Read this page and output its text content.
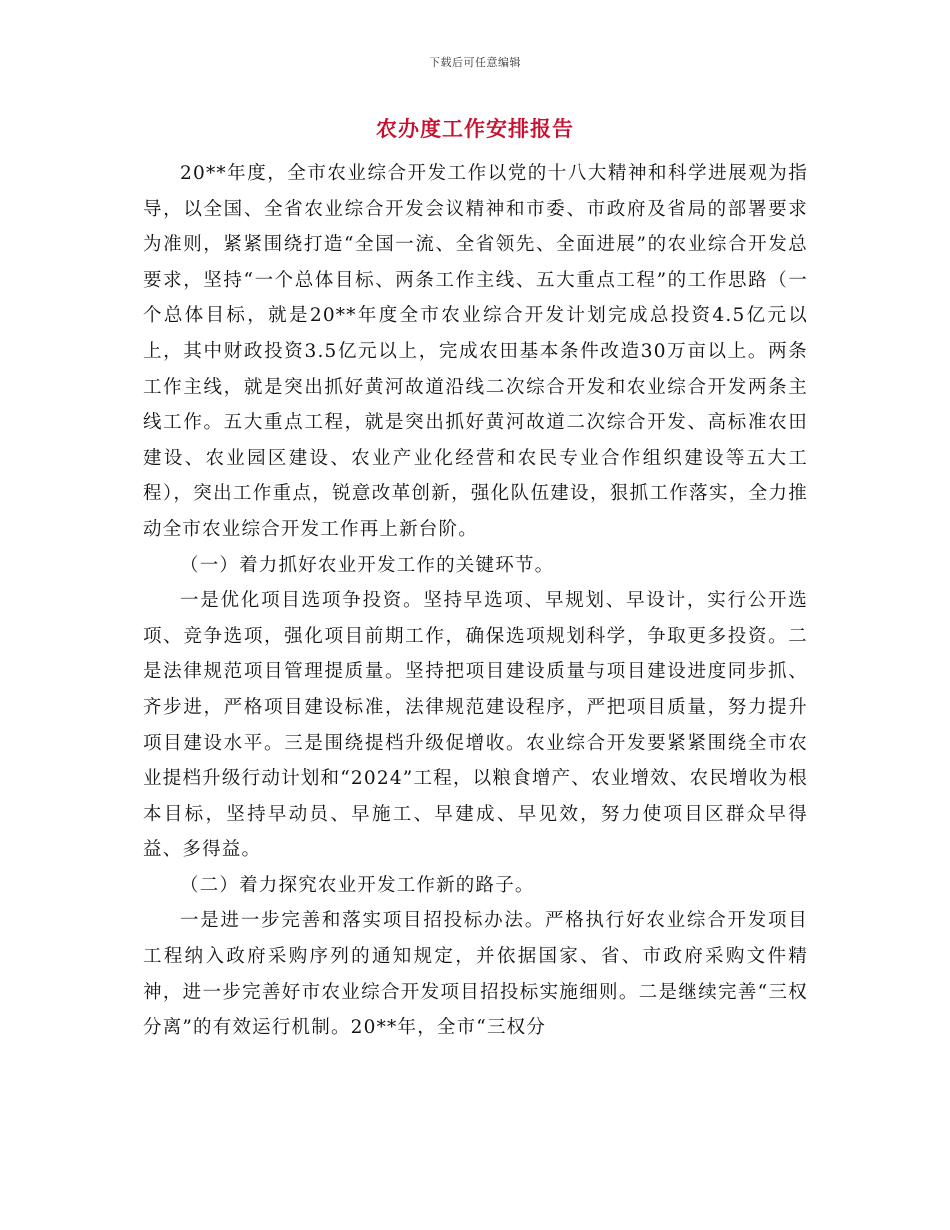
下载后可任意编辑
农办度工作安排报告

20**年度，全市农业综合开发工作以党的十八大精神和科学进展观为指导，以全国、全省农业综合开发会议精神和市委、市政府及省局的部署要求为准则，紧紧围绕打造“全国一流、全省领先、全面进展”的农业综合开发总要求，坚持“一个总体目标、两条工作主线、五大重点工程”的工作思路（一个总体目标，就是20**年度全市农业综合开发计划完成总投资4.5亿元以上，其中财政投资3.5亿元以上，完成农田基本条件改造30万亩以上。两条工作主线，就是突出抓好黄河故道沿线二次综合开发和农业综合开发两条主线工作。五大重点工程，就是突出抓好黄河故道二次综合开发、高标准农田建设、农业园区建设、农业产业化经营和农民专业合作组织建设等五大工程），突出工作重点，锐意改革创新，强化队伍建设，狠抓工作落实，全力推动全市农业综合开发工作再上新台阶。

（一）着力抓好农业开发工作的关键环节。

一是优化项目选项争投资。坚持早选项、早规划、早设计，实行公开选项、竞争选项，强化项目前期工作，确保选项规划科学，争取更多投资。二是法律规范项目管理提质量。坚持把项目建设质量与项目建设进度同步抓、齐步进，严格项目建设标准，法律规范建设程序，严把项目质量，努力提升项目建设水平。三是围绕提档升级促增收。农业综合开发要紧紧围绕全市农业提档升级行动计划和“2024”工程，以粮食增产、农业增效、农民增收为根本目标，坚持早动员、早施工、早建成、早见效，努力使项目区群众早得益、多得益。

（二）着力探究农业开发工作新的路子。

一是进一步完善和落实项目招投标办法。严格执行好农业综合开发项目工程纳入政府采购序列的通知规定，并依据国家、省、市政府采购文件精神，进一步完善好市农业综合开发项目招投标实施细则。二是继续完善“三权分离”的有效运行机制。20**年，全市“三权分
